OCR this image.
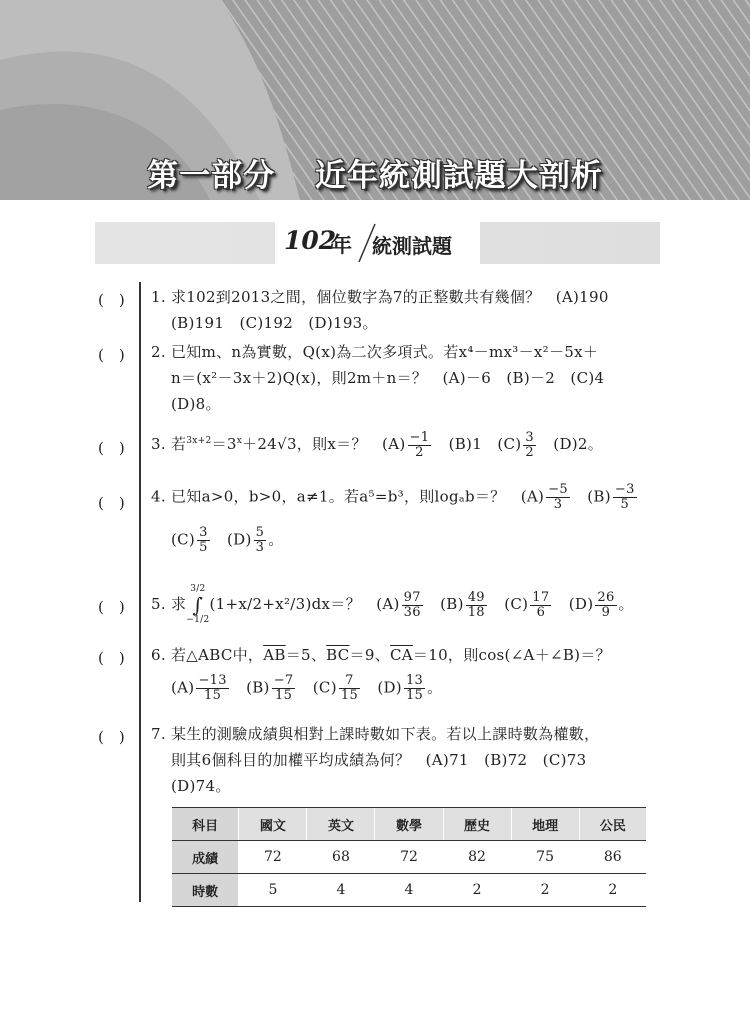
第一部分 近年統測試題大剖析
102
年 統測試題
(　)
(　)
(　)
(　)
(　)
(　)
(　)
1. 求102到2013之間，個位數字為7的正整數共有幾個？　(A)190
(B)191　(C)192　(D)193。
2. 已知m、n為實數，Q(x)為二次多項式。若x⁴－mx³－x²－5x＋
n＝(x²－3x＋2)Q(x)，則2m＋n＝？　(A)－6　(B)－2　(C)4
(D)8。
3. 若$^{3x+2}=3^x+24√3$，則x＝？　$(A) \frac{-1}{2}$ 　(B)1　$(C) \frac{3}{2}$ 　(D)2。
4. 已知a>0，b>0，a≠1。若a⁵=b³，則logₐb＝？　$(A) \frac{-5}{3}$ 　$(B) \frac{-3}{5}$
$(C) \frac{3}{5}$ 　$(D) \frac{5}{3}$ 。
5. 求
3/2
∫
−1/2
(1+x/2+x²/3)dx＝？　$(A) \frac{97}{36}$ 　$(B) \frac{49}{18}$ 　$(C) \frac{17}{6}$ 　$(D) \frac{26}{9}$ 。
6. 若△ABC中，$\overline{AB}=5$、$\overline{BC}=9$、$\overline{CA}=10$，則cos(∠A＋∠B)＝？
$(A) \frac{-13}{15}$ 　$(B) \frac{-7}{15}$ 　$(C) \frac{7}{15}$ 　$(D) \frac{13}{15}$ 。
7. 某生的測驗成績與相對上課時數如下表。若以上課時數為權數，
則其6個科目的加權平均成績為何？　(A)71　(B)72　(C)73
(D)74。
科目	國文	英文	數學	歷史	地理	公民
成績	72	68	72	82	75	86
時數	5	4	4	2	2	2
